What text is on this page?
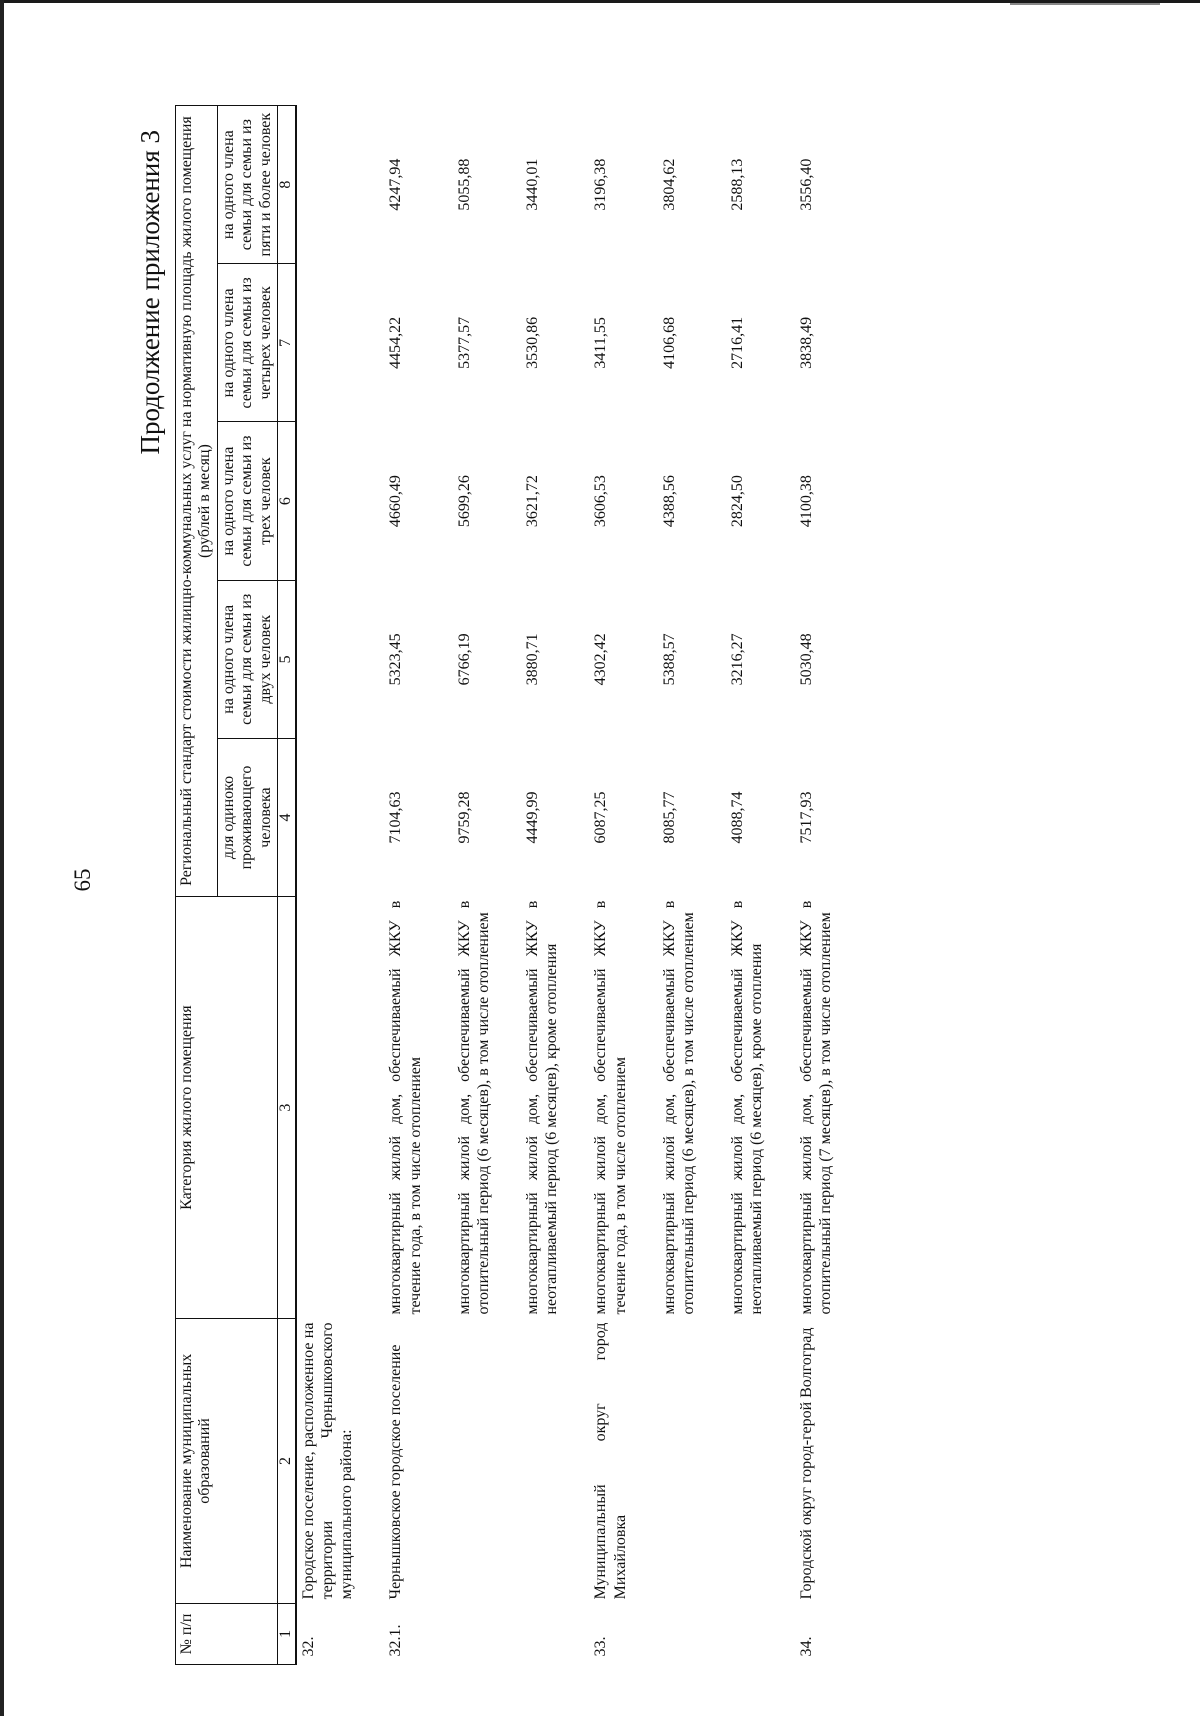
65
Продолжение приложения 3
№ п/п	Наименование муниципальных образований	Категория жилого помещения	Региональный стандарт стоимости жилищно-коммунальных услуг на нормативную площадь жилого помещения (рублей в месяц)				

			для одиноко проживающего человека	на одного члена семьи для семьи из двух человек	на одного члена семьи для семьи из трех человек	на одного члена семьи для семьи из четырех человек	на одного члена семьи для семьи из пяти и более человек
1	2	3	4	5	6	7	8
32.	Городское поселение, расположенное на территории Чернышковского муниципального района:						

32.1.	Чернышковское городское поселение	многоквартирный жилой дом, обеспечиваемый ЖКУ в течение года, в том числе отоплением	7104,63	5323,45	4660,49	4454,22	4247,94

		многоквартирный жилой дом, обеспечиваемый ЖКУ в отопительный период (6 месяцев), в том числе отоплением	9759,28	6766,19	5699,26	5377,57	5055,88

		многоквартирный жилой дом, обеспечиваемый ЖКУ в неотапливаемый период (6 месяцев), кроме отопления	4449,99	3880,71	3621,72	3530,86	3440,01

33.	Муниципальный округ город Михайловка	многоквартирный жилой дом, обеспечиваемый ЖКУ в течение года, в том числе отоплением	6087,25	4302,42	3606,53	3411,55	3196,38

		многоквартирный жилой дом, обеспечиваемый ЖКУ в отопительный период (6 месяцев), в том числе отоплением	8085,77	5388,57	4388,56	4106,68	3804,62

		многоквартирный жилой дом, обеспечиваемый ЖКУ в неотапливаемый период (6 месяцев), кроме отопления	4088,74	3216,27	2824,50	2716,41	2588,13

34.	Городской округ город-герой Волгоград	многоквартирный жилой дом, обеспечиваемый ЖКУ в отопительный период (7 месяцев), в том числе отоплением	7517,93	5030,48	4100,38	3838,49	3556,40
